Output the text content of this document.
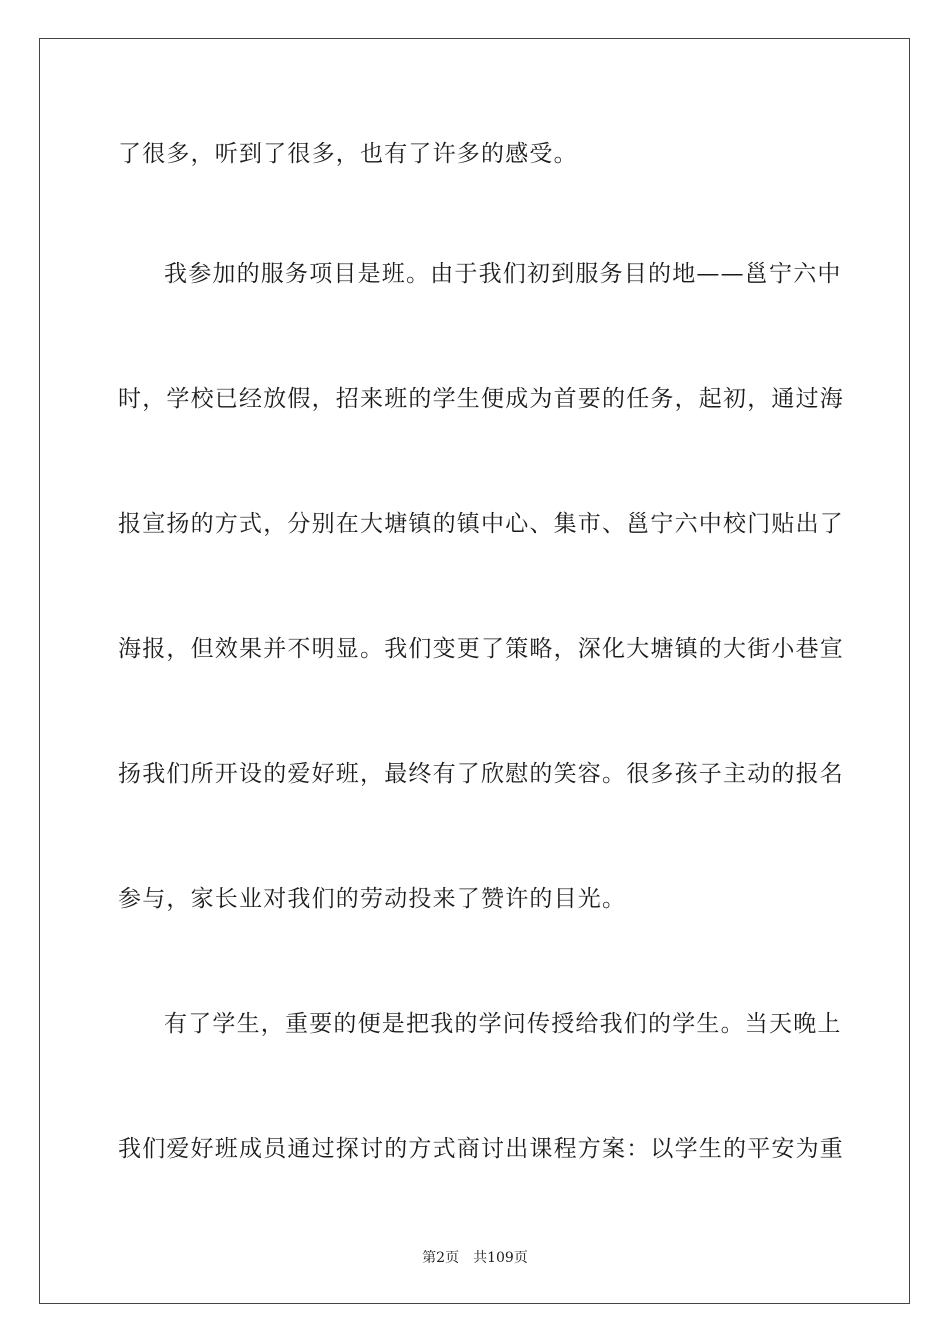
了很多，听到了很多，也有了许多的感受。
我参加的服务项目是班。由于我们初到服务目的地——邕宁六中
时，学校已经放假，招来班的学生便成为首要的任务，起初，通过海
报宣扬的方式，分别在大塘镇的镇中心、集市、邕宁六中校门贴出了
海报，但效果并不明显。我们变更了策略，深化大塘镇的大街小巷宣
扬我们所开设的爱好班，最终有了欣慰的笑容。很多孩子主动的报名
参与，家长业对我们的劳动投来了赞许的目光。
有了学生，重要的便是把我的学问传授给我们的学生。当天晚上
我们爱好班成员通过探讨的方式商讨出课程方案：以学生的平安为重
第2页 共109页
